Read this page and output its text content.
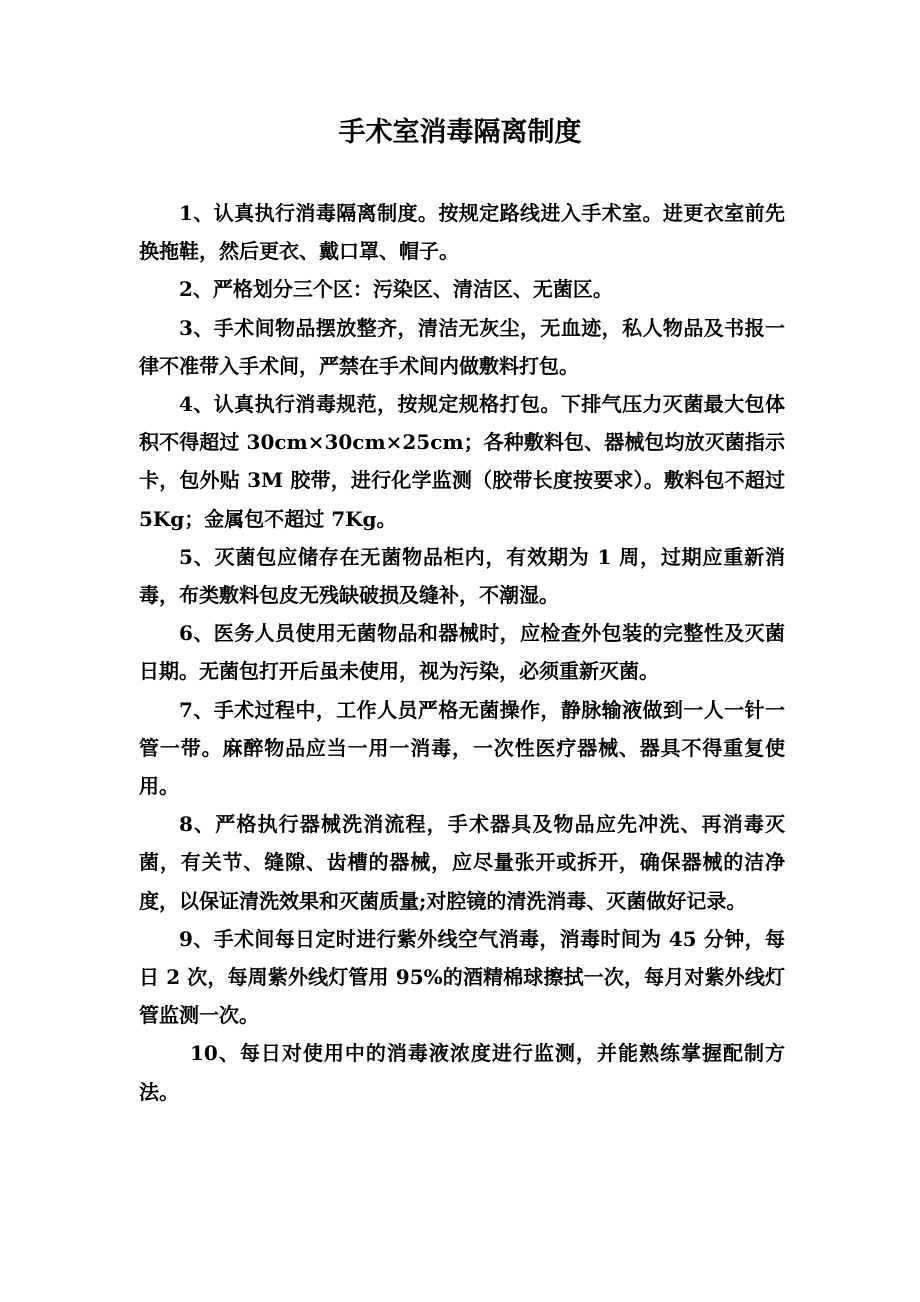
手术室消毒隔离制度

1、认真执行消毒隔离制度。按规定路线进入手术室。进更衣室前先换拖鞋，然后更衣、戴口罩、帽子。

2、严格划分三个区：污染区、清洁区、无菌区。

3、手术间物品摆放整齐，清洁无灰尘，无血迹，私人物品及书报一律不准带入手术间，严禁在手术间内做敷料打包。

4、认真执行消毒规范，按规定规格打包。下排气压力灭菌最大包体积不得超过 30cm×30cm×25cm；各种敷料包、器械包均放灭菌指示卡，包外贴 3M 胶带，进行化学监测（胶带长度按要求）。敷料包不超过 5Kg；金属包不超过 7Kg。

5、灭菌包应储存在无菌物品柜内，有效期为 1 周，过期应重新消毒，布类敷料包皮无残缺破损及缝补，不潮湿。

6、医务人员使用无菌物品和器械时，应检查外包装的完整性及灭菌日期。无菌包打开后虽未使用，视为污染，必须重新灭菌。

7、手术过程中，工作人员严格无菌操作，静脉输液做到一人一针一管一带。麻醉物品应当一用一消毒，一次性医疗器械、器具不得重复使用。

8、严格执行器械洗消流程，手术器具及物品应先冲洗、再消毒灭菌，有关节、缝隙、齿槽的器械，应尽量张开或拆开，确保器械的洁净度，以保证清洗效果和灭菌质量;对腔镜的清洗消毒、灭菌做好记录。

9、手术间每日定时进行紫外线空气消毒，消毒时间为 45 分钟，每日 2 次，每周紫外线灯管用 95%的酒精棉球擦拭一次，每月对紫外线灯管监测一次。

10、每日对使用中的消毒液浓度进行监测，并能熟练掌握配制方法。
